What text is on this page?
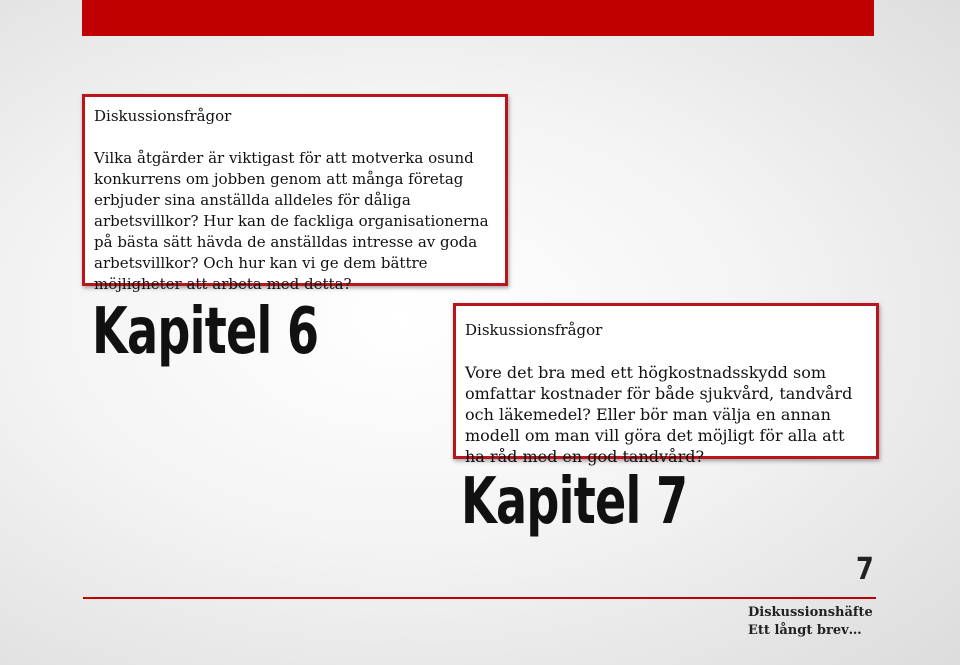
Diskussionsfrågor

Vilka åtgärder är viktigast för att motverka osund konkurrens om jobben genom att många företag erbjuder sina anställda alldeles för dåliga arbetsvillkor? Hur kan de fackliga organisationerna på bästa sätt hävda de anställdas intresse av goda arbetsvillkor? Och hur kan vi ge dem bättre möjligheter att arbeta med detta?

Kapitel 6	Diskussionsfrågor

Vore det bra med ett högkostnadsskydd som omfattar kostnader för både sjukvård, tandvård och läkemedel? Eller bör man välja en annan modell om man vill göra det möjligt för alla att ha råd med en god tandvård?

Kapitel 7
7
Diskussionshäfte
Ett långt brev…
